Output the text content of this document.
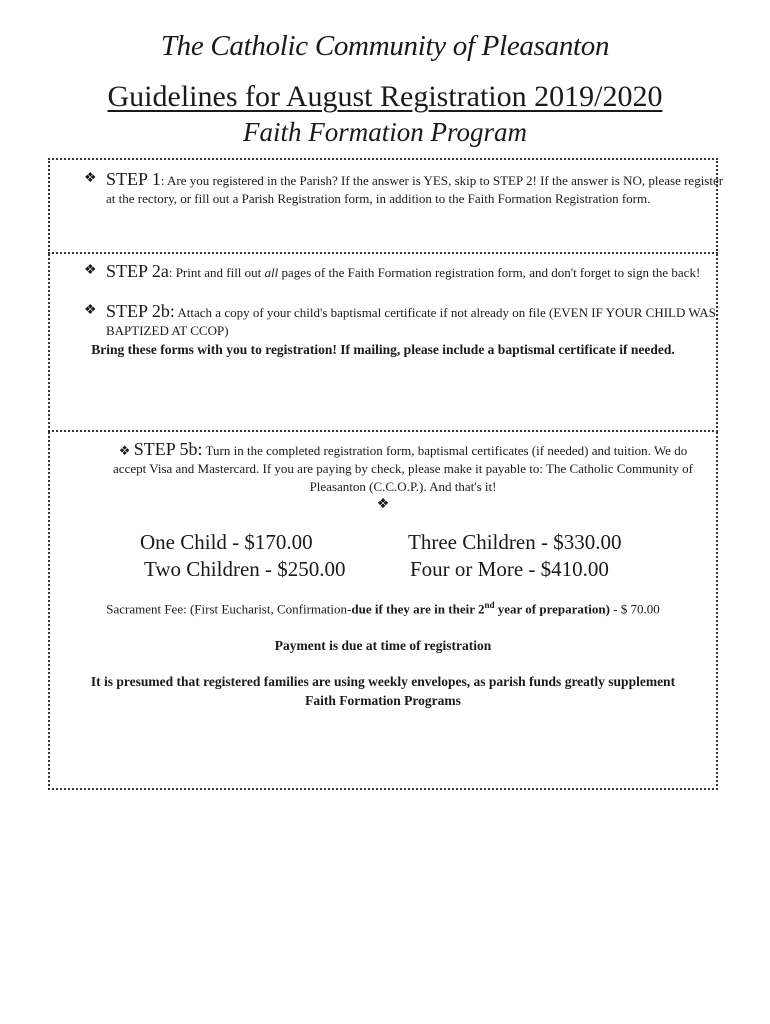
The Catholic Community of Pleasanton
Guidelines for August Registration 2019/2020
Faith Formation Program
❖ STEP 1: Are you registered in the Parish? If the answer is YES, skip to STEP 2! If the answer is NO, please register at the rectory, or fill out a Parish Registration form, in addition to the Faith Formation Registration form.
❖ STEP 2a: Print and fill out all pages of the Faith Formation registration form, and don't forget to sign the back!
❖ STEP 2b: Attach a copy of your child's baptismal certificate if not already on file (EVEN IF YOUR CHILD WAS BAPTIZED AT CCOP)
Bring these forms with you to registration! If mailing, please include a baptismal certificate if needed.
❖ STEP 5b: Turn in the completed registration form, baptismal certificates (if needed) and tuition. We do accept Visa and Mastercard. If you are paying by check, please make it payable to: The Catholic Community of Pleasanton (C.C.O.P.). And that's it!
❖
One Child - $170.00
Two Children - $250.00
Three Children - $330.00
Four or More - $410.00
Sacrament Fee: (First Eucharist, Confirmation-due if they are in their 2nd year of preparation) - $ 70.00
Payment is due at time of registration
It is presumed that registered families are using weekly envelopes, as parish funds greatly supplement Faith Formation Programs
